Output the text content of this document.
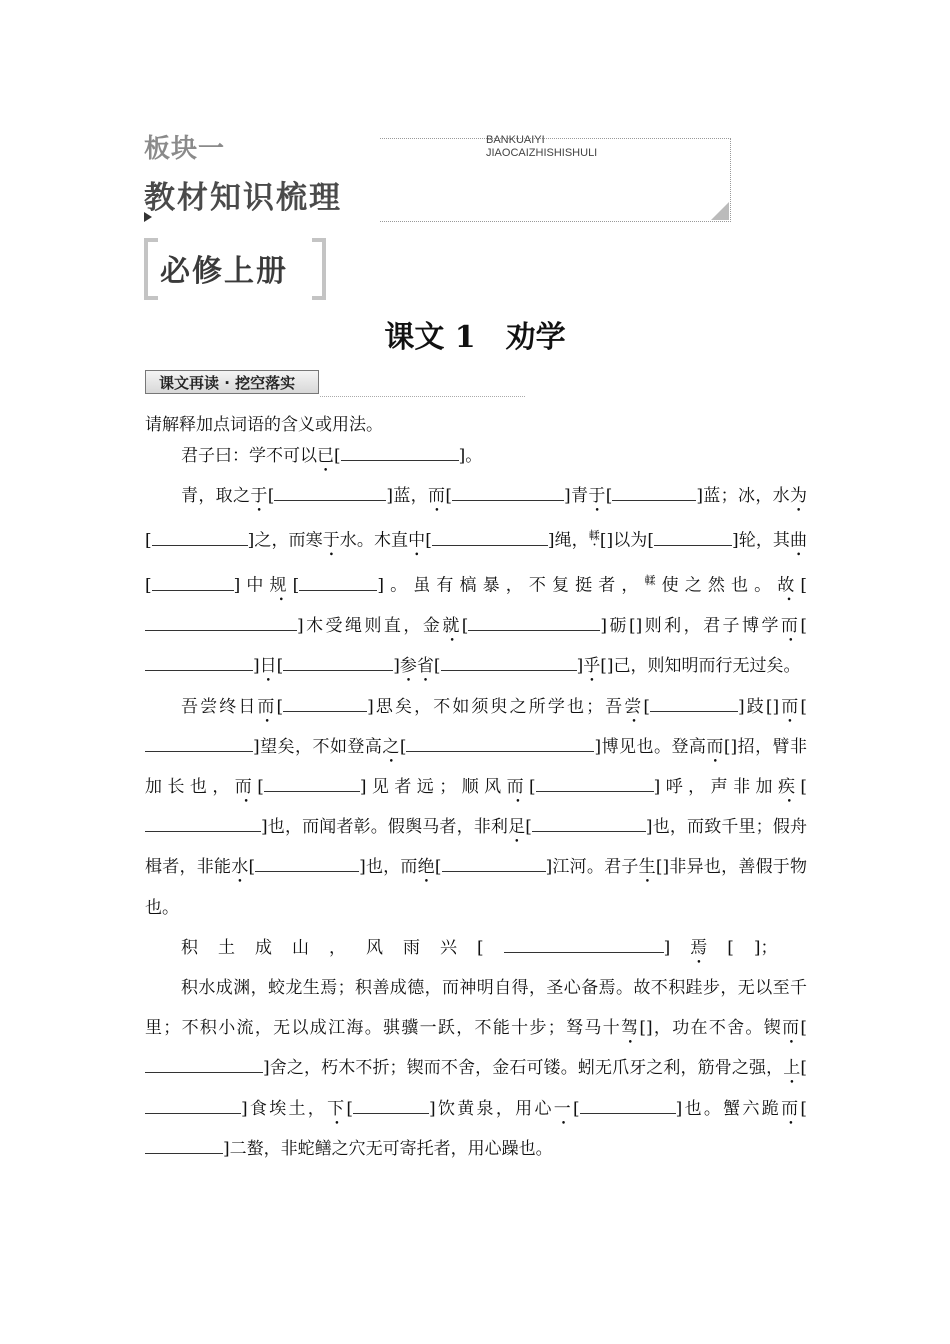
板块一
教材知识梳理
BANKUAIYI
JIAOCAIZHISHISHULI
必修上册
课文 1　劝学
课文再读 · 挖空落实
请解释加点词语的含义或用法。

君子曰：学不可以已[	]。

青，取之于[	]蓝，而[	]青于[	]蓝；冰，水为[	]之，而寒于水。木直中[	]绳，$^輮$[]以为[	]轮，其曲[	]中规[	]。虽有槁暴，不复挺者，$^輮$使之然也。故[]木受绳则直，金就[	]砺[]则利，君子博学而[]日[	]参省[	]乎[]己，则知明而行无过矣。

吾尝终日而[	]思矣，不如须臾之所学也；吾尝[	]跂[]而[]望矣，不如登高之[	]博见也。登高而[]招，臂非加长也，而[	]见者远；顺风而[	]呼，声非加疾[]也，而闻者彰。假舆马者，非利足[	]也，而致千里；假舟楫者，非能水[	]也，而绝[	]江河。君子生[]非异也，善假于物也。

积土成山，风雨兴[	]焉[]；

积水成渊，蛟龙生焉；积善成德，而神明自得，圣心备焉。故不积跬步，无以至千里；不积小流，无以成江海。骐骥一跃，不能十步；驽马十驾[]，功在不舍。锲而[]舍之，朽木不折；锲而不舍，金石可镂。蚓无爪牙之利，筋骨之强，上[]食埃土，下[	]饮黄泉，用心一[	]也。蟹六跪而[]二螯，非蛇鳝之穴无可寄托者，用心躁也。
